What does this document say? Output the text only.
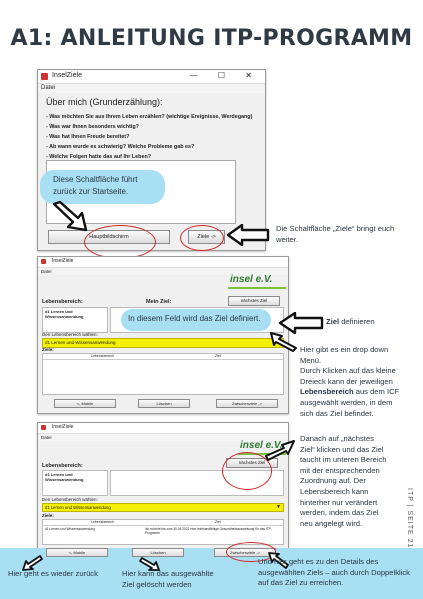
A1: ANLEITUNG ITP-PROGRAMM
InselZiele	— ☐ ✕
Datei
Über mich (Grunderzählung):
- Was möchten Sie aus Ihrem Leben erzählen? (wichtige Ereignisse, Werdegang)
- Was war Ihnen besonders wichtig?
- Was hat Ihnen Freude bereitet?
- Ab wann wurde es schwierig? Welche Probleme gab es?
- Welche Folgen hatte das auf Ihr Leben?
Hauptbildschirm	Ziele ->
Diese Schaltfläche führt zurück zur Startseite.
Die Schaltfläche „Ziele“ bringt euch weiter.
InselZiele
Datei
insel e.V.
nächstes Ziel
Lebensbereich:	Mein Ziel:
d1 Lernen und Wissensanwendung
Den Lebensbereich wählen:
d1 Lernen und Wissensanwendung
Ziele:
Lebensbereich	Ziel
<- Mobile	Löschen	Zwischenziele ->
In diesem Feld wird das Ziel definiert.	Ziel definieren
Hier gibt es ein drop down
Menü.
Durch Klicken auf das kleine
Dreieck kann der jeweiligen
Lebensbereich aus dem ICF
ausgewählt werden, in dem
sich das Ziel befindet.
InselZiele
Datei
insel e.V.
nächstes Ziel
Lebensbereich:
d1 Lernen und Wissensanwendung
Den Lebensbereich wählen:
d1 Lernen und Wissensanwendung	▼
Ziele:
Lebensbereich	Ziel
d1 Lernen und Wissensanwendung	Ich möchte bis zum 30.04.2022 eine lesbhandfähige Gesundheitsausweisung für das ITP-Programm
Danach auf „nächstes
Ziel“ klicken und das Ziel
taucht im unteren Bereich
mit der entsprechenden
Zuordnung auf. Der
Lebensbereich kann
hinterher nur verändert
werden, indem das Ziel
neu angelegt wird.	ITP | SEITE 21
<- Mobile	Löschen	Zwischenziele ->
Hier geht es wieder zurück	Hier kann das ausgewählte Ziel gelöscht werden
Und hier geht es zu den Details des ausgewählten Ziels – auch durch Doppelklick auf das Ziel zu erreichen.
